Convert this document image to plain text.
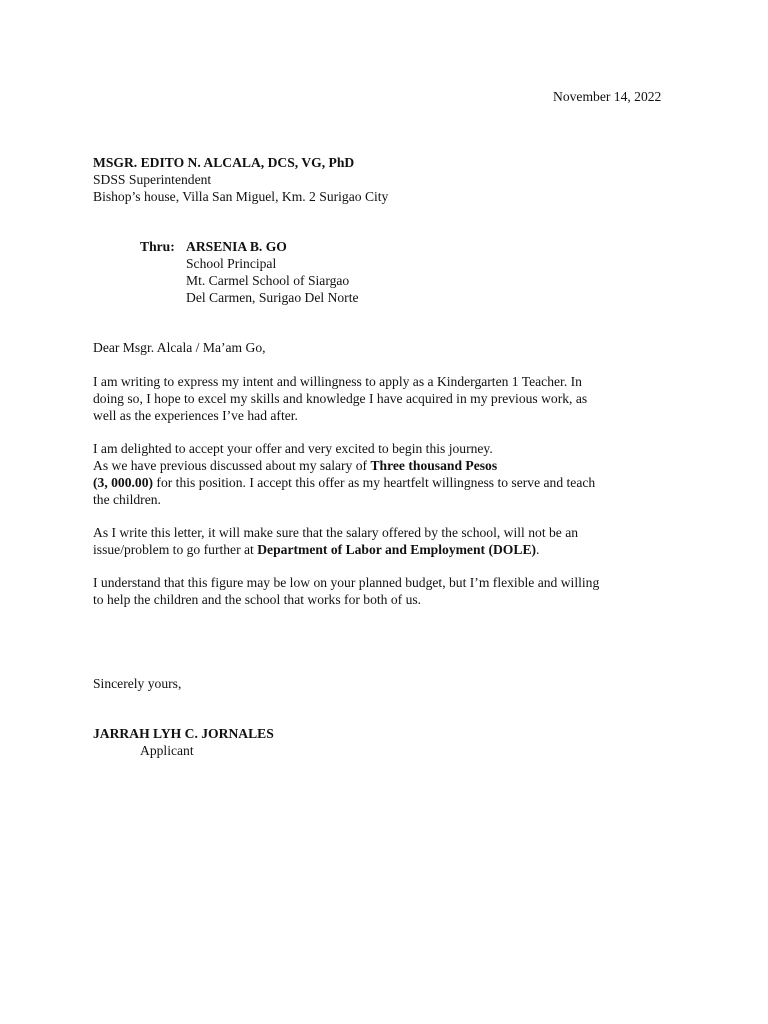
November 14, 2022
MSGR. EDITO N. ALCALA, DCS, VG, PhD
SDSS Superintendent
Bishop’s house, Villa San Miguel, Km. 2 Surigao City
Thru: ARSENIA B. GO
School Principal
Mt. Carmel School of Siargao
Del Carmen, Surigao Del Norte
Dear Msgr. Alcala / Ma’am Go,
I am writing to express my intent and willingness to apply as a Kindergarten 1 Teacher. In
doing so, I hope to excel my skills and knowledge I have acquired in my previous work, as
well as the experiences I’ve had after.
I am delighted to accept your offer and very excited to begin this journey.
As we have previous discussed about my salary of Three thousand Pesos
(3, 000.00) for this position. I accept this offer as my heartfelt willingness to serve and teach
the children.
As I write this letter, it will make sure that the salary offered by the school, will not be an
issue/problem to go further at Department of Labor and Employment (DOLE).
I understand that this figure may be low on your planned budget, but I’m flexible and willing
to help the children and the school that works for both of us.
Sincerely yours,
JARRAH LYH C. JORNALES
Applicant
